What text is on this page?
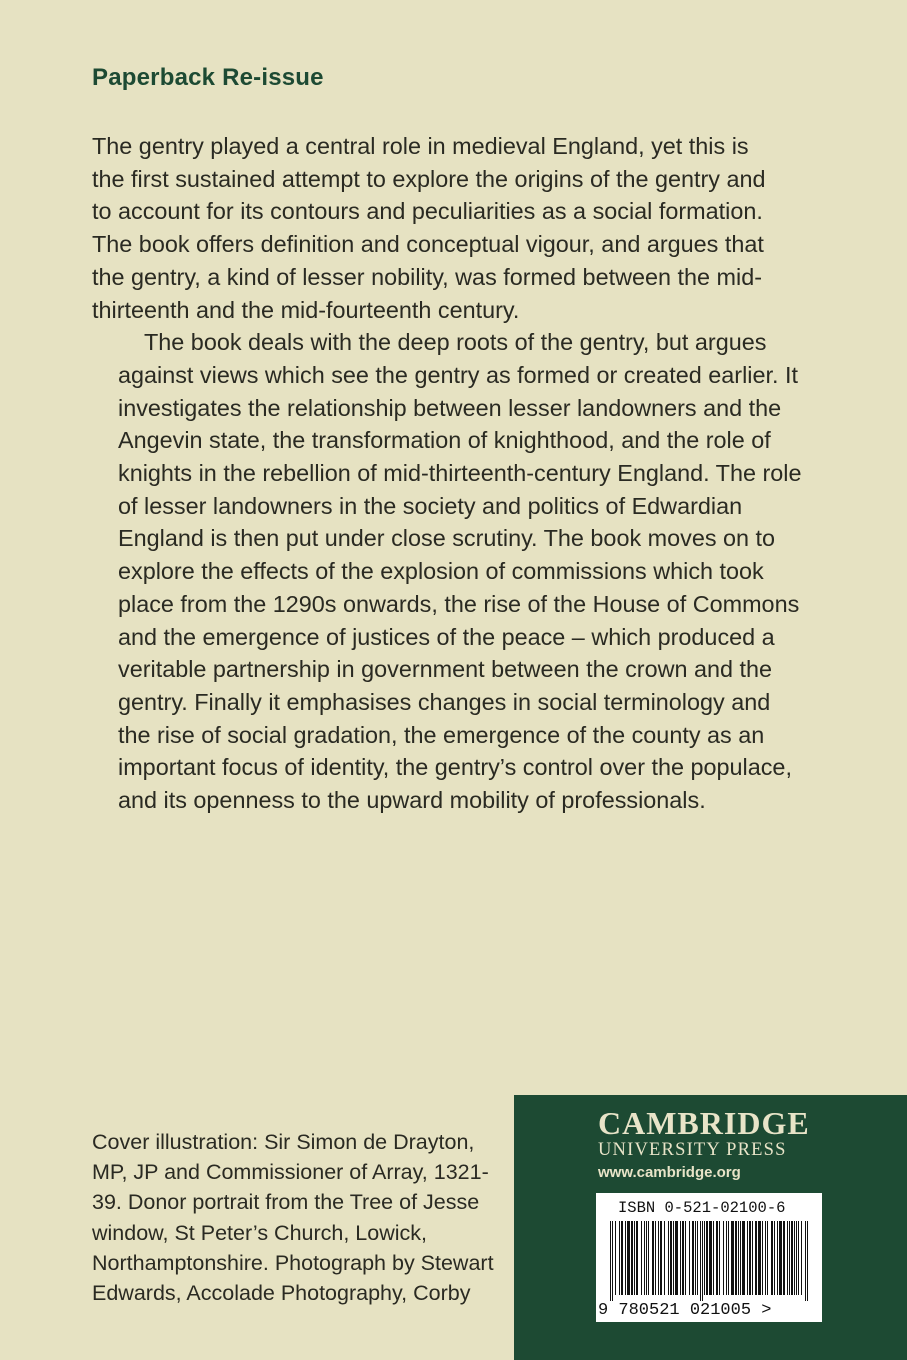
Paperback Re-issue

The gentry played a central role in medieval England, yet this is
the first sustained attempt to explore the origins of the gentry and
to account for its contours and peculiarities as a social formation.
The book offers definition and conceptual vigour, and argues that
the gentry, a kind of lesser nobility, was formed between the mid-
thirteenth and the mid-fourteenth century.

The book deals with the deep roots of the gentry, but argues
against views which see the gentry as formed or created earlier. It
investigates the relationship between lesser landowners and the
Angevin state, the transformation of knighthood, and the role of
knights in the rebellion of mid-thirteenth-century England. The role
of lesser landowners in the society and politics of Edwardian
England is then put under close scrutiny. The book moves on to
explore the effects of the explosion of commissions which took
place from the 1290s onwards, the rise of the House of Commons
and the emergence of justices of the peace – which produced a
veritable partnership in government between the crown and the
gentry. Finally it emphasises changes in social terminology and
the rise of social gradation, the emergence of the county as an
important focus of identity, the gentry’s control over the populace,
and its openness to the upward mobility of professionals.

Cover illustration: Sir Simon de Drayton,
MP, JP and Commissioner of Array, 1321-
39. Donor portrait from the Tree of Jesse
window, St Peter’s Church, Lowick,
Northamptonshire. Photograph by Stewart
Edwards, Accolade Photography, Corby
CAMBRIDGE
UNIVERSITY PRESS
www.cambridge.org
ISBN 0-521-02100-6
9 780521 021005 >
